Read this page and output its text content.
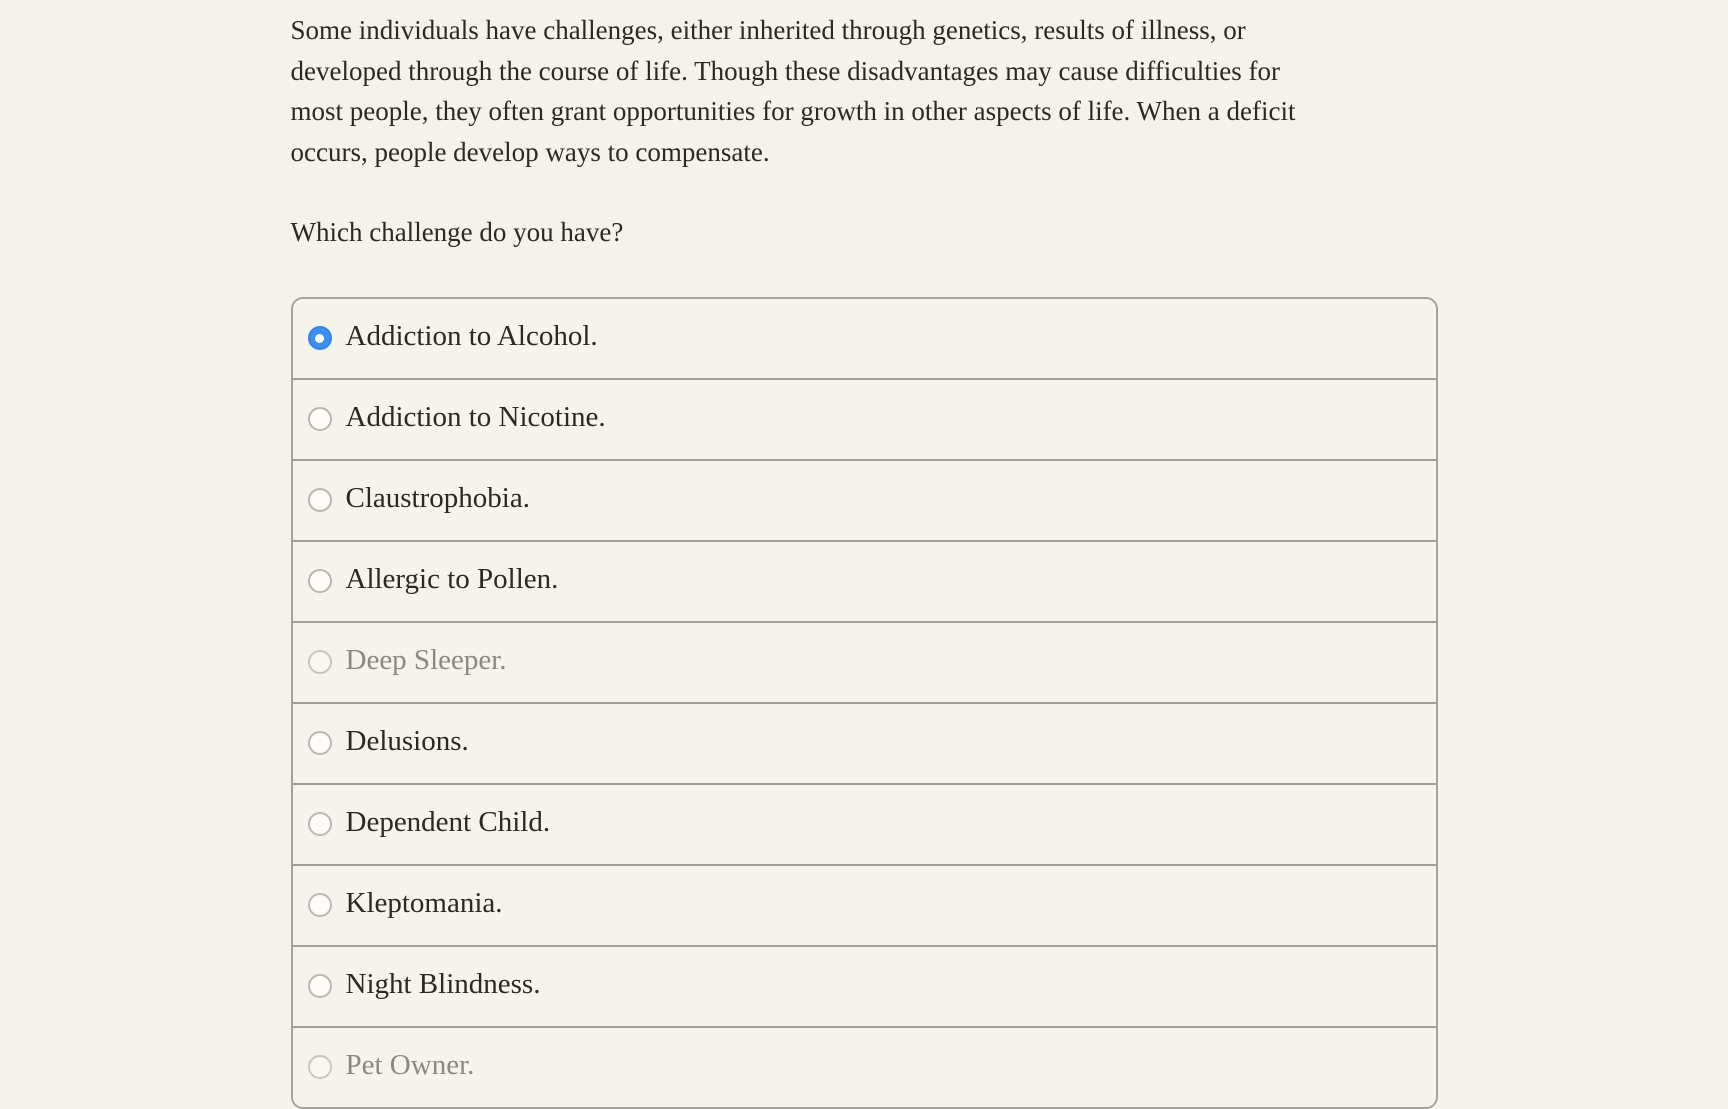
Some individuals have challenges, either inherited through genetics, results of illness, or
developed through the course of life. Though these disadvantages may cause difficulties for
most people, they often grant opportunities for growth in other aspects of life. When a deficit
occurs, people develop ways to compensate.

Which challenge do you have?

Addiction to Alcohol.
Addiction to Nicotine.
Claustrophobia.
Allergic to Pollen.
Deep Sleeper.
Delusions.
Dependent Child.
Kleptomania.
Night Blindness.
Pet Owner.
